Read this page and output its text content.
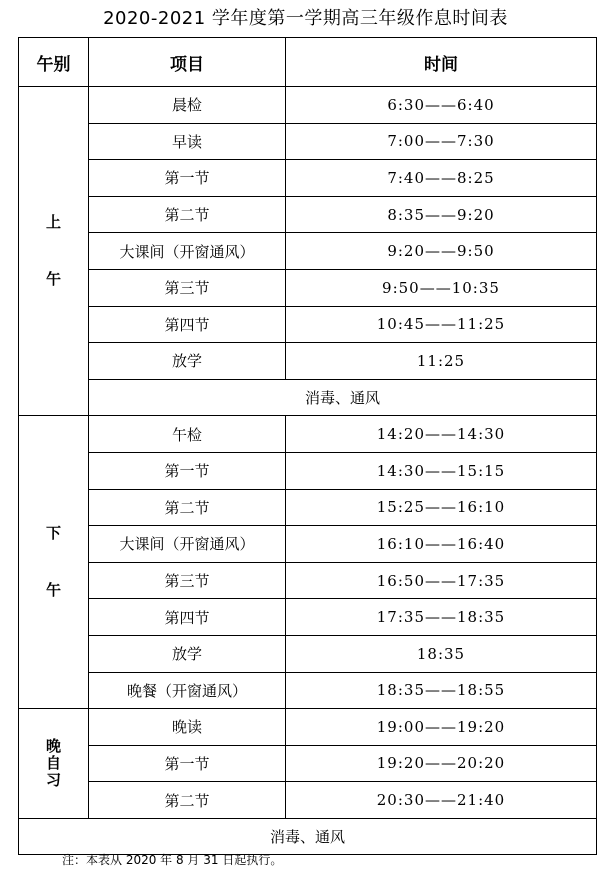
2020-2021 学年度第一学期高三年级作息时间表
午别	项目	时间

上
午	晨检	6:30——6:40
	早读	7:00——7:30
	第一节	7:40——8:25
	第二节	8:35——9:20
	大课间（开窗通风）	9:20——9:50
	第三节	9:50——10:35
	第四节	10:45——11:25
	放学	11:25
	消毒、通风	

下
午	午检	14:20——14:30
	第一节	14:30——15:15
	第二节	15:25——16:10
	大课间（开窗通风）	16:10——16:40
	第三节	16:50——17:35
	第四节	17:35——18:35
	放学	18:35
	晚餐（开窗通风）	18:35——18:55

晚
自
习	晚读	19:00——19:20
	第一节	19:20——20:20
	第二节	20:30——21:40
消毒、通风		
注：本表从 2020 年 8 月 31 日起执行。
